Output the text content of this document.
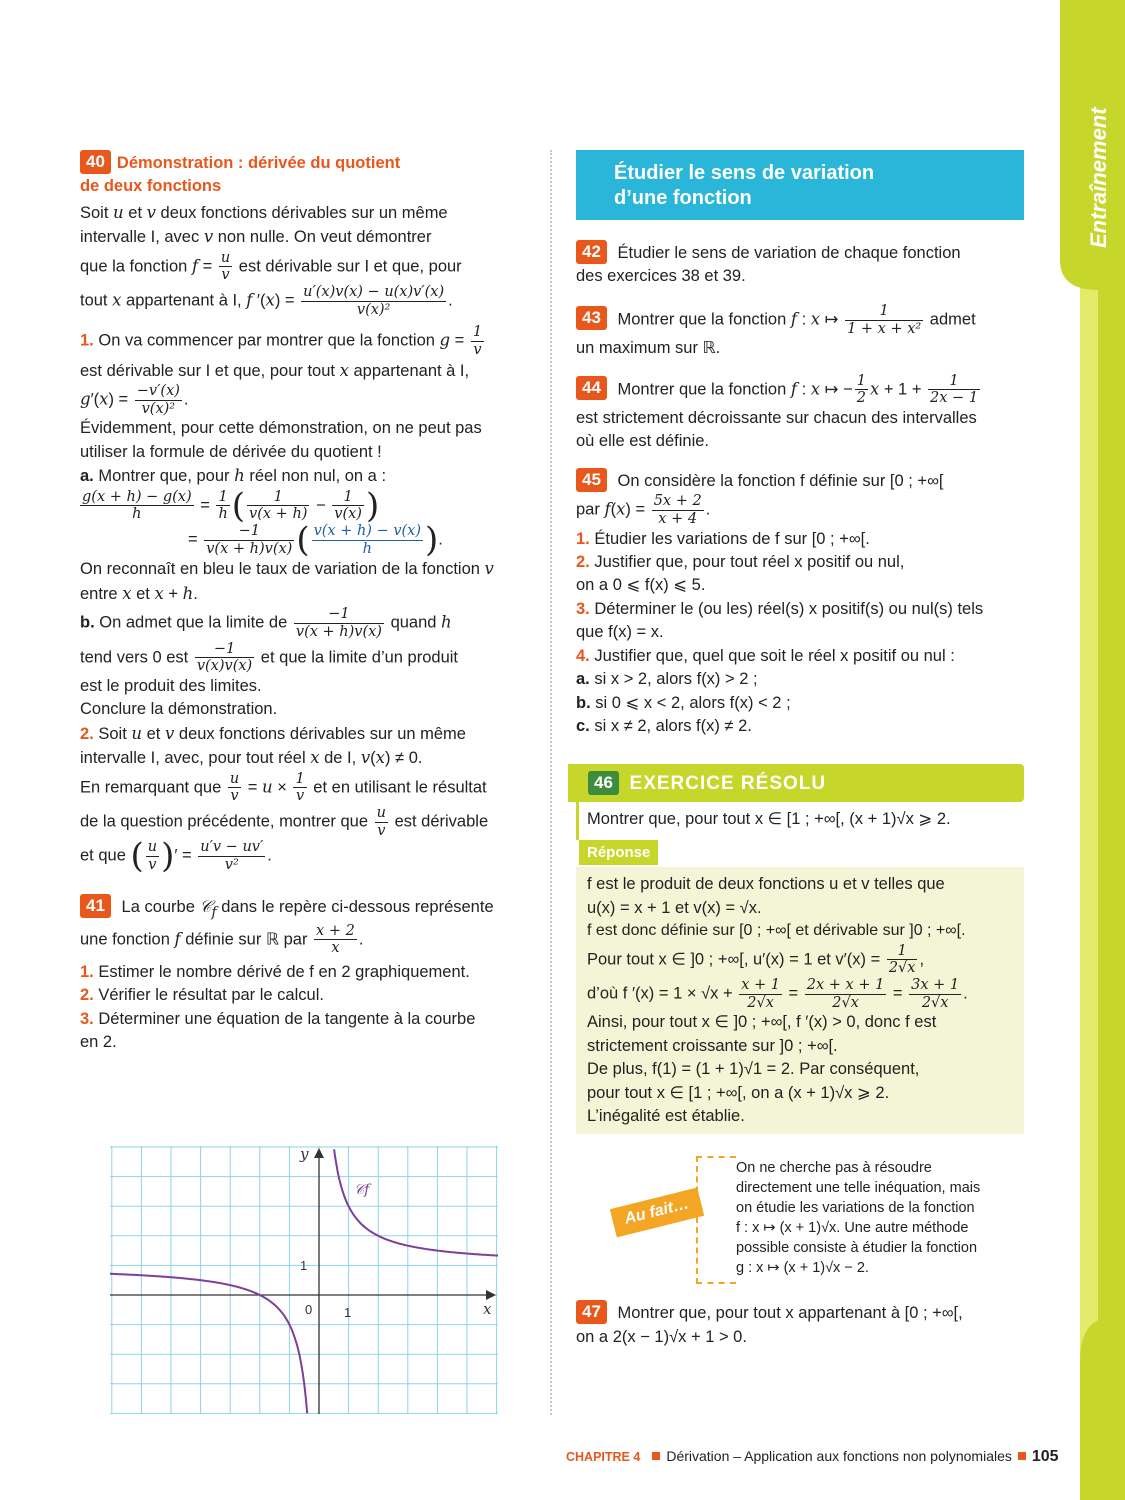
Entraînement
40 Démonstration : dérivée du quotient
de deux fonctions
Soit u et v deux fonctions dérivables sur un même
intervalle I, avec v non nulle. On veut démontrer
que la fonction $f = \frac{u}{v}$ est dérivable sur I et que, pour
tout x appartenant à I, f $'(x) = \frac{u'(x)v(x) - u(x)v'(x)}{\text{v(x)²}}$ .
1. On va commencer par montrer que la fonction $g = \frac{1}{v}$
est dérivable sur I et que, pour tout x appartenant à I,
$g'(x) = \frac{-v'(x)}{\text{v(x)²}}$ .
Évidemment, pour cette démonstration, on ne peut pas
utiliser la formule de dérivée du quotient !
a. Montrer que, pour h réel non nul, on a :
$\frac{g(x + h) - g(x)}{h} = \frac{1}{h}$ ( $\frac{1}{v(x + h)} - \frac{1}{v(x)}$ )
= $\frac{-1}{v(x + h)v(x)}$ ( $\frac{v(x + h) - v(x)}{h}$ ).
On reconnaît en bleu le taux de variation de la fonction v
entre x et x + h.
b. On admet que la limite de $\frac{-1}{v(x + h)v(x)}$ quand h
tend vers 0 est $\frac{-1}{v(x)v(x)}$ et que la limite d’un produit
est le produit des limites.
Conclure la démonstration.
2. Soit u et v deux fonctions dérivables sur un même
intervalle I, avec, pour tout réel x de I, v(x) ≠ 0.
En remarquant que $\frac{u}{v} = u \times \frac{1}{v}$ et en utilisant le résultat
de la question précédente, montrer que $\frac{u}{v}$ est dérivable
et que ( $\frac{u}{v}$ )′ = $\frac{u'v - uv'}{\text{v²}}$ .
41 La courbe 𝒞$_f$ dans le repère ci-dessous représente
une fonction f définie sur ℝ par $\frac{x + 2}{x}$ .
1. Estimer le nombre dérivé de f en 2 graphiquement.
2. Vérifier le résultat par le calcul.
3. Déterminer une équation de la tangente à la courbe
en 2.
y
x
𝒞f
1
1
0
Étudier le sens de variation
d’une fonction
42 Étudier le sens de variation de chaque fonction
des exercices 38 et 39.
43 Montrer que la fonction f : x ↦ $\frac{1}{\text{1 + x + x²}}$ admet
un maximum sur ℝ.
44 Montrer que la fonction f : x ↦ − $\frac{1}{2}$ $x + 1 + \frac{1}{2x - 1}$
est strictement décroissante sur chacun des intervalles
où elle est définie.
45 On considère la fonction f définie sur [0 ; +∞[
par $f(x) = \frac{5x + 2}{x + 4}$ .
1. Étudier les variations de f sur [0 ; +∞[.
2. Justifier que, pour tout réel x positif ou nul,
on a 0 ⩽ f(x) ⩽ 5.
3. Déterminer le (ou les) réel(s) x positif(s) ou nul(s) tels
que f(x) = x.
4. Justifier que, quel que soit le réel x positif ou nul :
a. si x > 2, alors f(x) > 2 ;
b. si 0 ⩽ x < 2, alors f(x) < 2 ;
c. si x ≠ 2, alors f(x) ≠ 2.
46 EXERCICE RÉSOLU
Montrer que, pour tout x ∈ [1 ; +∞[, (x + 1)√x ⩾ 2.
Réponse
f est le produit de deux fonctions u et v telles que
u(x) = x + 1 et v(x) = √x.
f est donc définie sur [0 ; +∞[ et dérivable sur ]0 ; +∞[.
Pour tout x ∈ ]0 ; +∞[, u′(x) = 1 et $v'(x) = \frac{1}{2√x}$ ,
d’où f $'(x) = 1 \times √x + \frac{x + 1}{2√x} = \frac{2x + x + 1}{2√x} = \frac{3x + 1}{2√x}$ .
Ainsi, pour tout x ∈ ]0 ; +∞[, f ′(x) > 0, donc f est
strictement croissante sur ]0 ; +∞[.
De plus, f(1) = (1 + 1)√1 = 2. Par conséquent,
pour tout x ∈ [1 ; +∞[, on a (x + 1)√x ⩾ 2.
L’inégalité est établie.
Au fait…
On ne cherche pas à résoudre
directement une telle inéquation, mais
on étudie les variations de la fonction
f : x ↦ (x + 1)√x. Une autre méthode
possible consiste à étudier la fonction
g : x ↦ (x + 1)√x − 2.
47 Montrer que, pour tout x appartenant à [0 ; +∞[,
on a 2(x − 1)√x + 1 > 0.
CHAPITRE 4 Dérivation – Application aux fonctions non polynomiales 105
